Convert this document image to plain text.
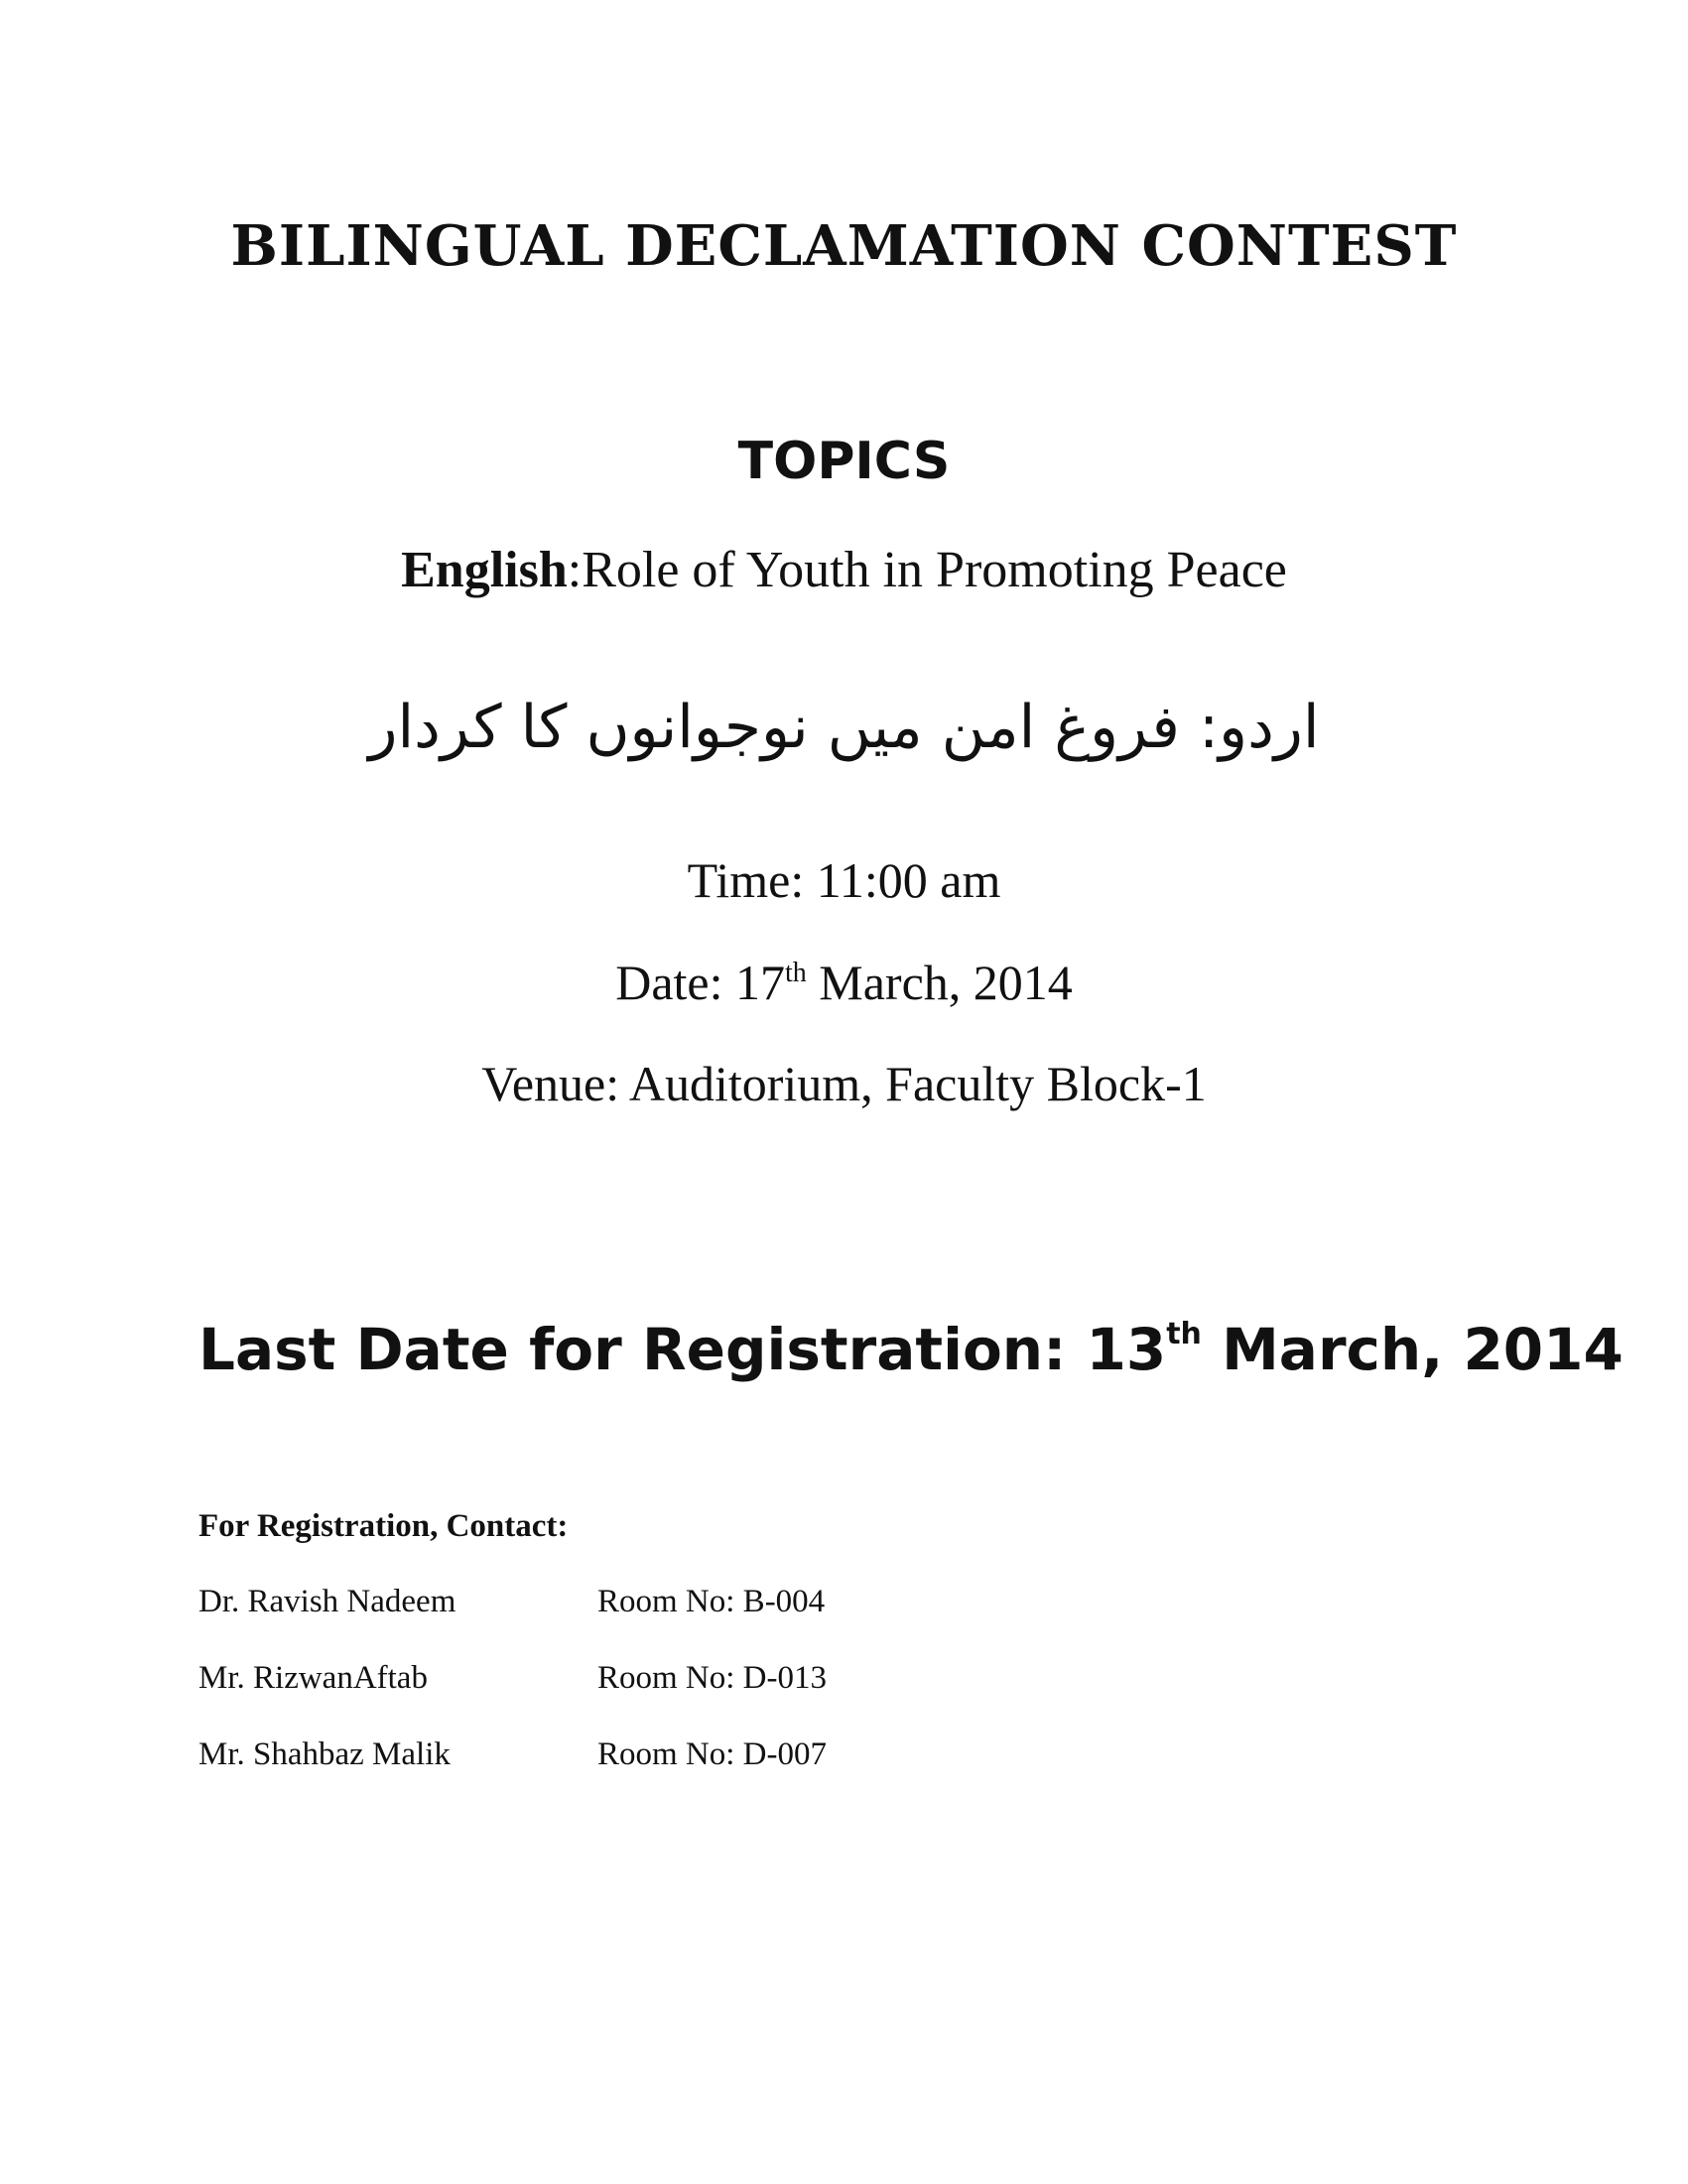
BILINGUAL DECLAMATION CONTEST
TOPICS
English:Role of Youth in Promoting Peace
اردو: فروغ امن میں نوجوانوں کا کردار
Time: 11:00 am
Date: 17th March, 2014
Venue: Auditorium, Faculty Block-1
Last Date for Registration: 13th March, 2014
For Registration, Contact:
Dr. Ravish Nadeem	Room No: B-004
Mr. RizwanAftab	Room No: D-013
Mr. Shahbaz Malik	Room No: D-007
